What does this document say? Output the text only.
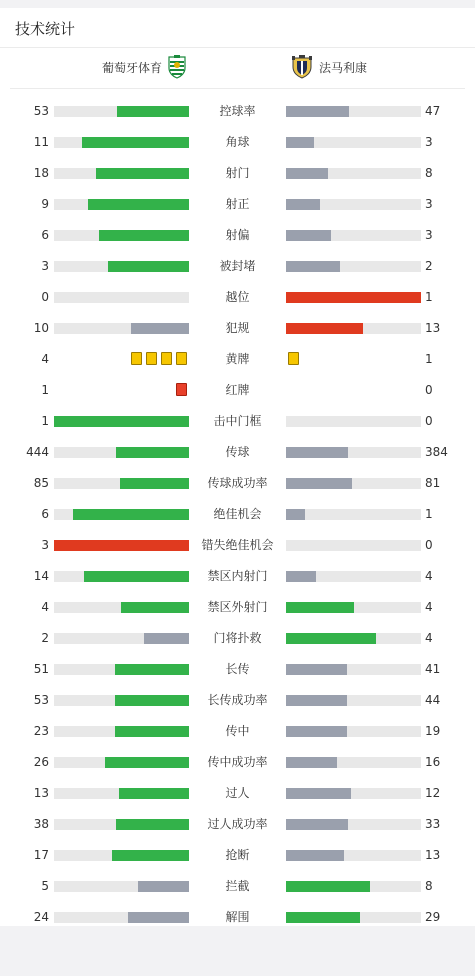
技术统计
葡萄牙体育	法马利康
53	控球率	47
11	角球	3
18	射门	8
9	射正	3
6	射偏	3
3	被封堵	2
0	越位	1
10	犯规	13
4	黄牌	1
1	红牌	0
1	击中门框	0
444	传球	384
85	传球成功率	81
6	绝佳机会	1
3	错失绝佳机会	0
14	禁区内射门	4
4	禁区外射门	4
2	门将扑救	4
51	长传	41
53	长传成功率	44
23	传中	19
26	传中成功率	16
13	过人	12
38	过人成功率	33
17	抢断	13
5	拦截	8
24	解围	29
